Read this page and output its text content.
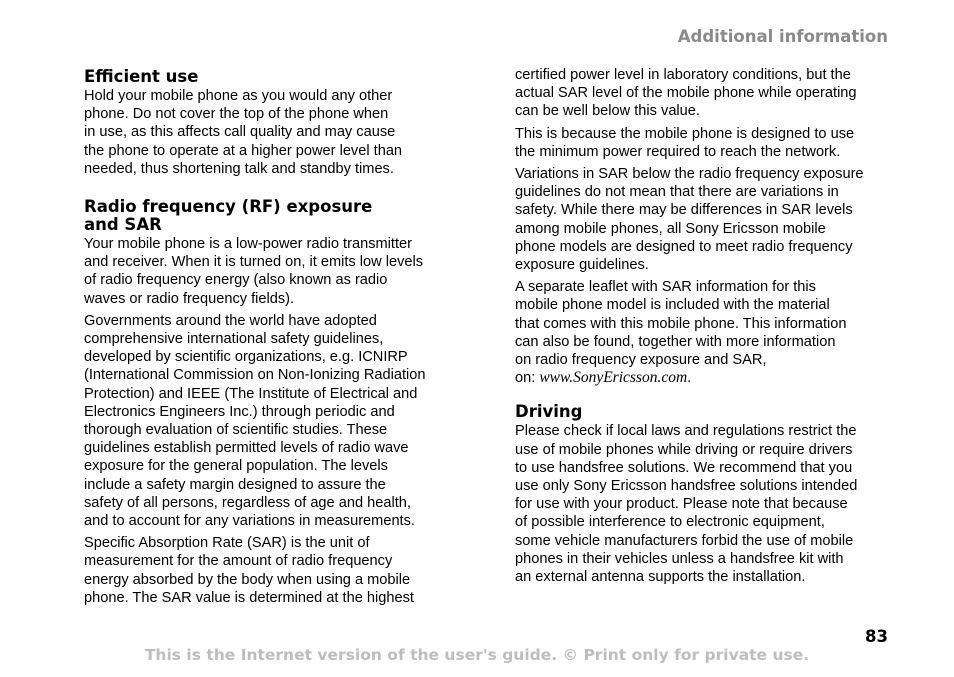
Additional information
Efficient use
Hold your mobile phone as you would any other
phone. Do not cover the top of the phone when
in use, as this affects call quality and may cause
the phone to operate at a higher power level than
needed, thus shortening talk and standby times.
Radio frequency (RF) exposure
and SAR
Your mobile phone is a low-power radio transmitter
and receiver. When it is turned on, it emits low levels
of radio frequency energy (also known as radio
waves or radio frequency fields).
Governments around the world have adopted
comprehensive international safety guidelines,
developed by scientific organizations, e.g. ICNIRP
(International Commission on Non-Ionizing Radiation
Protection) and IEEE (The Institute of Electrical and
Electronics Engineers Inc.) through periodic and
thorough evaluation of scientific studies. These
guidelines establish permitted levels of radio wave
exposure for the general population. The levels
include a safety margin designed to assure the
safety of all persons, regardless of age and health,
and to account for any variations in measurements.
Specific Absorption Rate (SAR) is the unit of
measurement for the amount of radio frequency
energy absorbed by the body when using a mobile
phone. The SAR value is determined at the highest
certified power level in laboratory conditions, but the
actual SAR level of the mobile phone while operating
can be well below this value.
This is because the mobile phone is designed to use
the minimum power required to reach the network.
Variations in SAR below the radio frequency exposure
guidelines do not mean that there are variations in
safety. While there may be differences in SAR levels
among mobile phones, all Sony Ericsson mobile
phone models are designed to meet radio frequency
exposure guidelines.
A separate leaflet with SAR information for this
mobile phone model is included with the material
that comes with this mobile phone. This information
can also be found, together with more information
on radio frequency exposure and SAR,
on: www.SonyEricsson.com.
Driving
Please check if local laws and regulations restrict the
use of mobile phones while driving or require drivers
to use handsfree solutions. We recommend that you
use only Sony Ericsson handsfree solutions intended
for use with your product. Please note that because
of possible interference to electronic equipment,
some vehicle manufacturers forbid the use of mobile
phones in their vehicles unless a handsfree kit with
an external antenna supports the installation.
83
This is the Internet version of the user's guide. © Print only for private use.
